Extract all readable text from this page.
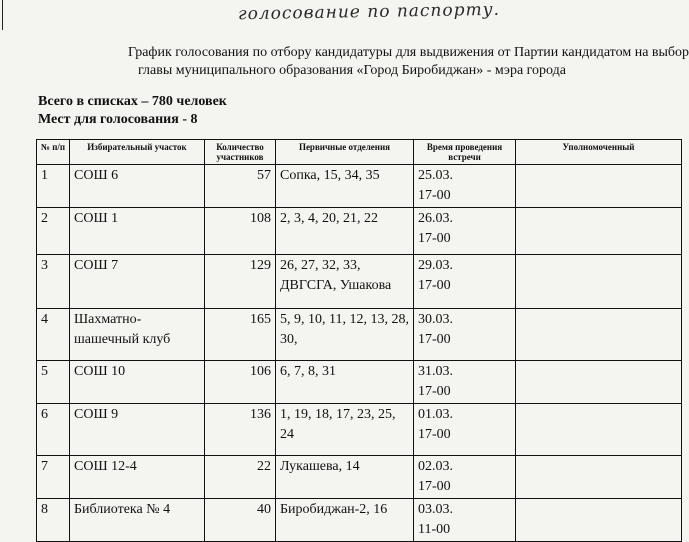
голосование по паспорту.
График голосования по отбору кандидатуры для выдвижения от Партии кандидатом на выбор
главы муниципального образования «Город Биробиджан» - мэра города
Всего в списках – 780 человек
Мест для голосования - 8
№ п/п	Избирательный участок	Количество участников	Первичные отделения	Время проведения встречи	Уполномоченный
1	СОШ 6	57	Сопка, 15, 34, 35	25.03.
17-00	

2	СОШ 1	108	2, 3, 4, 20, 21, 22	26.03.
17-00	

3	СОШ 7	129	26, 27, 32, 33, ДВГСГА, Ушакова	29.03.
17-00	

4	Шахматно-шашечный клуб	165	5, 9, 10, 11, 12, 13, 28, 30,	30.03.
17-00	

5	СОШ 10	106	6, 7, 8, 31	31.03.
17-00	

6	СОШ 9	136	1, 19, 18, 17, 23, 25, 24	01.03.
17-00	

7	СОШ 12-4	22	Лукашева, 14	02.03.
17-00	

8	Библиотека № 4	40	Биробиджан-2, 16	03.03.
11-00	
